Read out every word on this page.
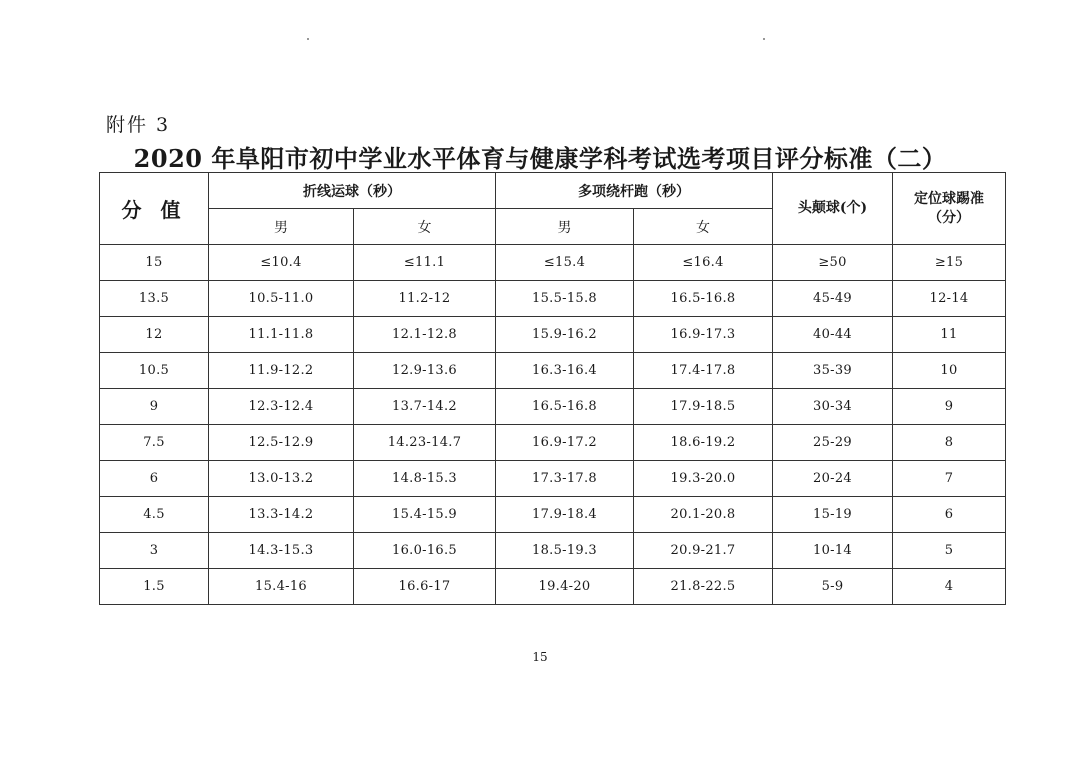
附件 3
2020 年阜阳市初中学业水平体育与健康学科考试选考项目评分标准（二）
分 值	折线运球（秒）		多项绕杆跑（秒）		头颠球(个)	定位球踢准
（分）
	男	女	男	女		
15	≤10.4	≤11.1	≤15.4	≤16.4	≥50	≥15
13.5	10.5-11.0	11.2-12	15.5-15.8	16.5-16.8	45-49	12-14
12	11.1-11.8	12.1-12.8	15.9-16.2	16.9-17.3	40-44	11
10.5	11.9-12.2	12.9-13.6	16.3-16.4	17.4-17.8	35-39	10
9	12.3-12.4	13.7-14.2	16.5-16.8	17.9-18.5	30-34	9
7.5	12.5-12.9	14.23-14.7	16.9-17.2	18.6-19.2	25-29	8
6	13.0-13.2	14.8-15.3	17.3-17.8	19.3-20.0	20-24	7
4.5	13.3-14.2	15.4-15.9	17.9-18.4	20.1-20.8	15-19	6
3	14.3-15.3	16.0-16.5	18.5-19.3	20.9-21.7	10-14	5
1.5	15.4-16	16.6-17	19.4-20	21.8-22.5	5-9	4
15
